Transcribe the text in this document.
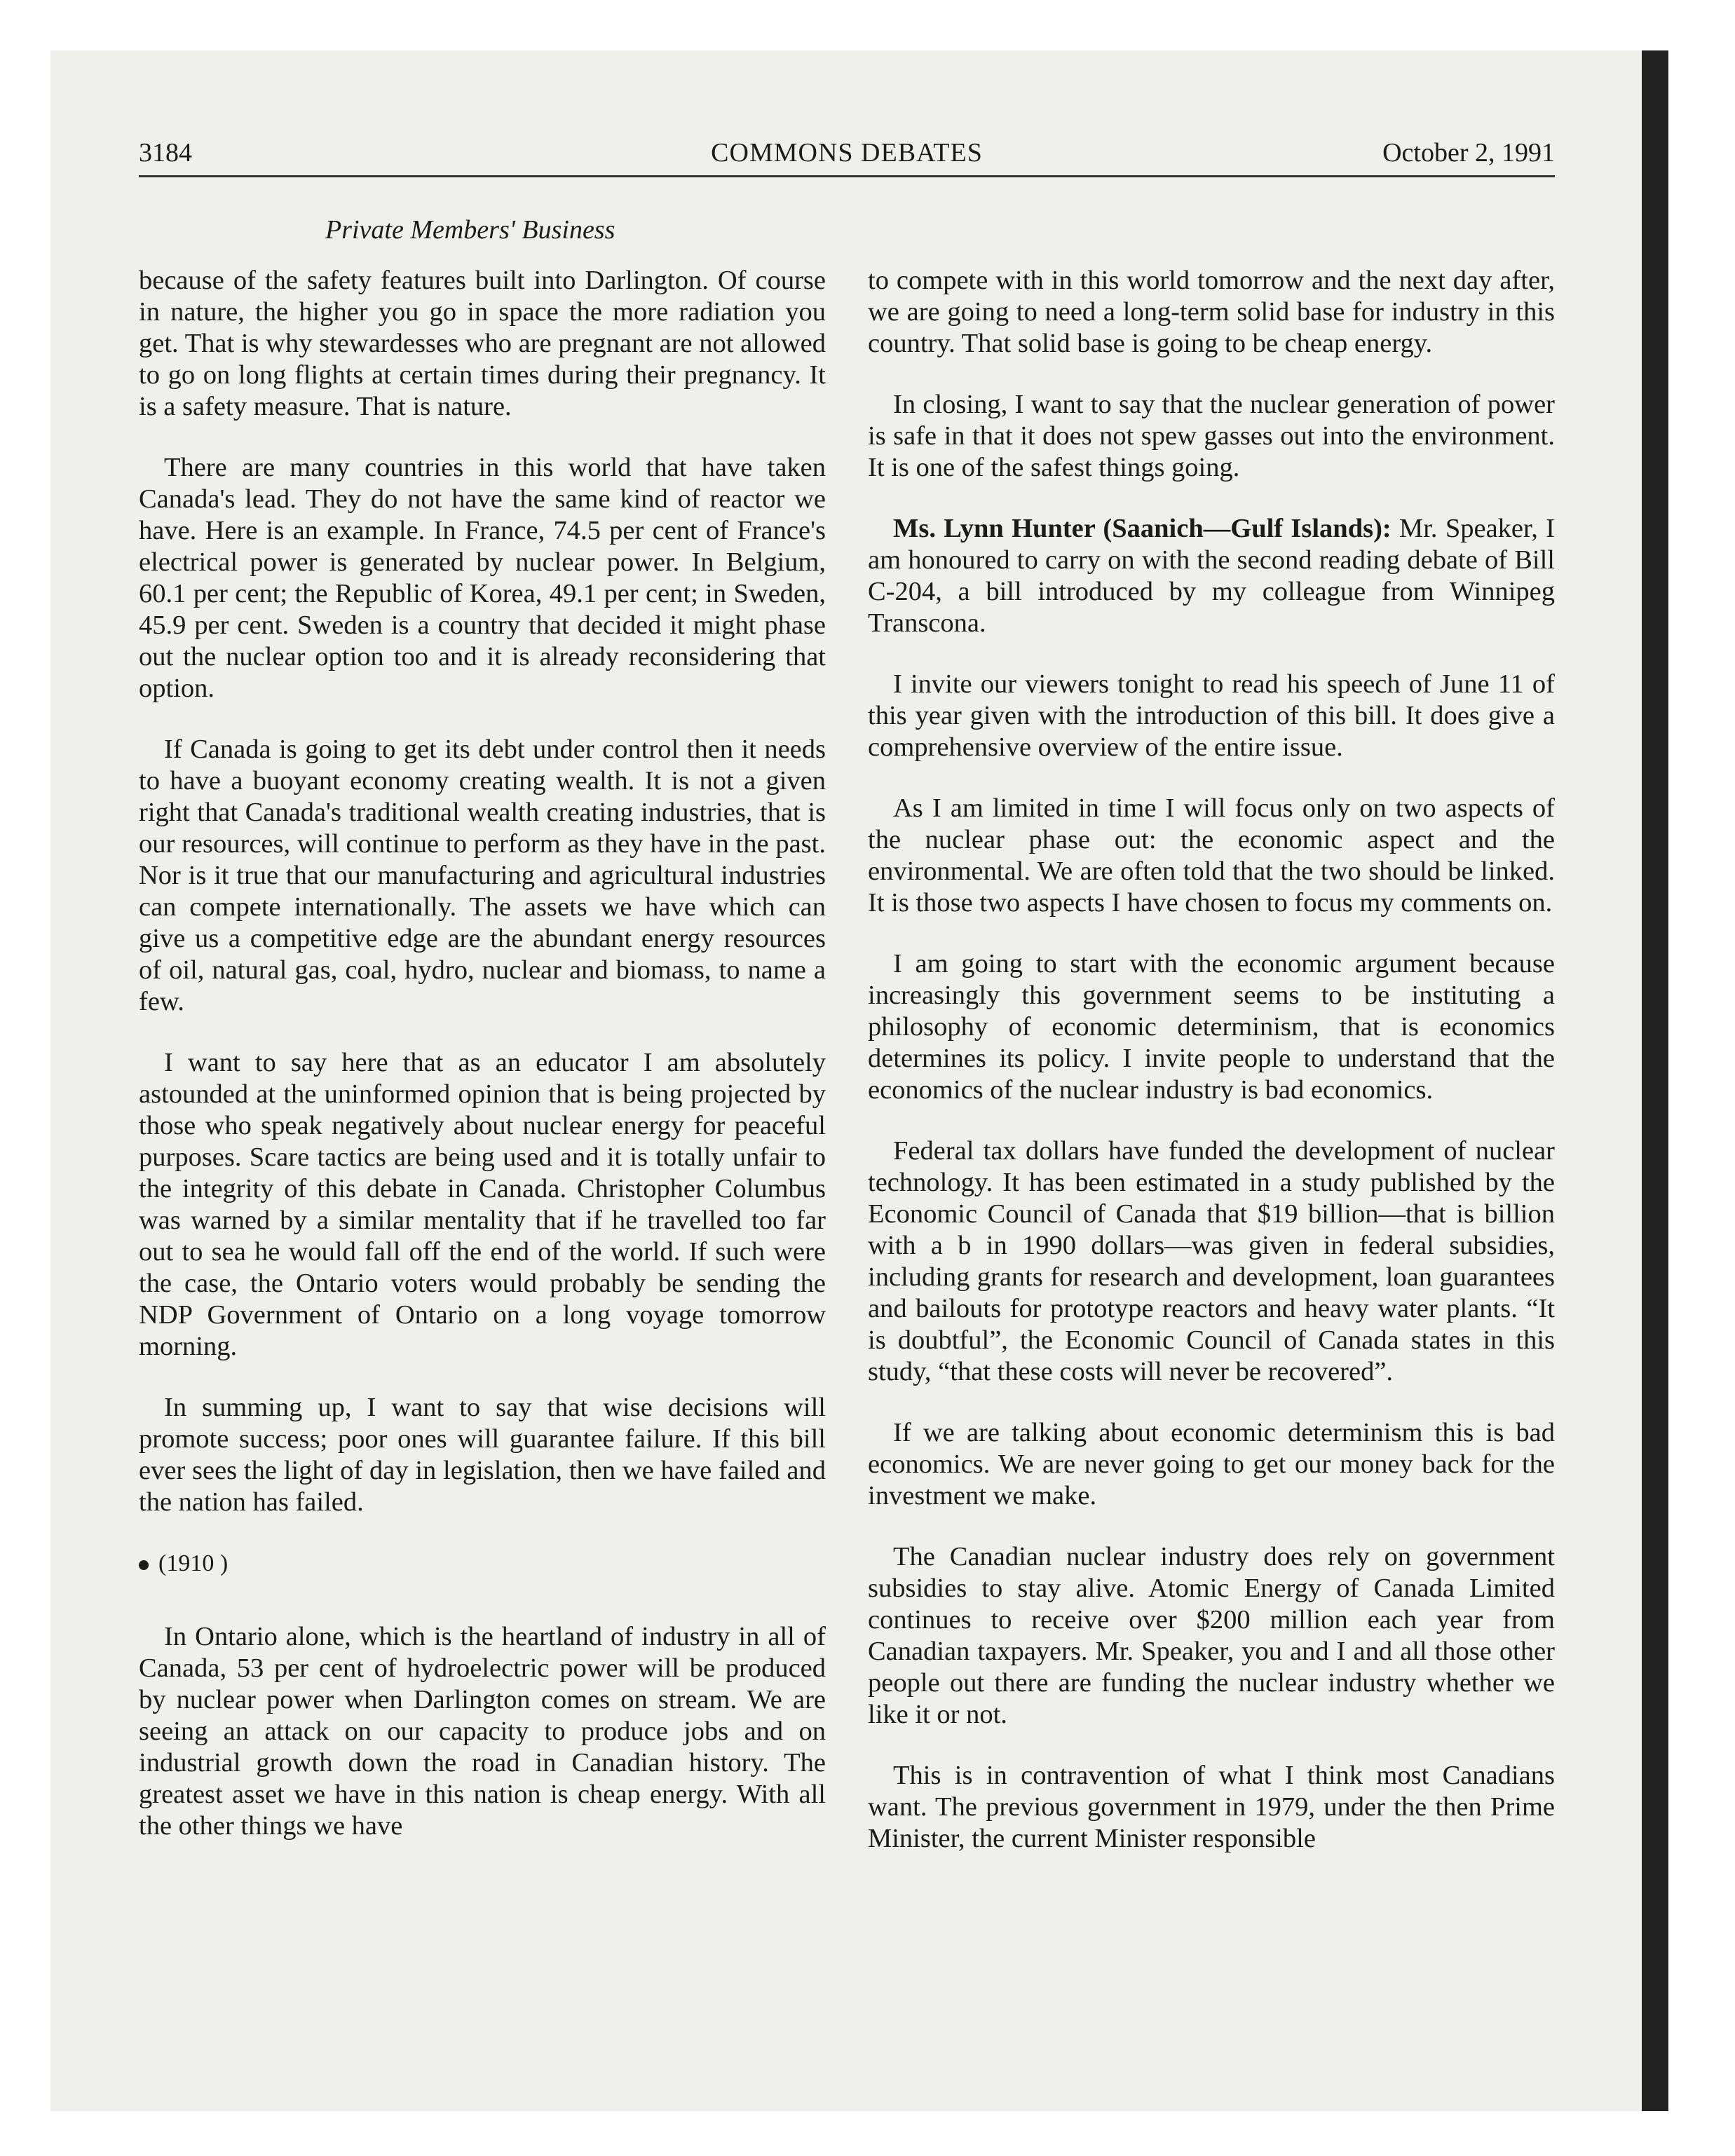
3184	COMMONS DEBATES	October 2, 1991
Private Members' Business

because of the safety features built into Darlington. Of course in nature, the higher you go in space the more radiation you get. That is why stewardesses who are pregnant are not allowed to go on long flights at certain times during their pregnancy. It is a safety measure. That is nature.

There are many countries in this world that have taken Canada's lead. They do not have the same kind of reactor we have. Here is an example. In France, 74.5 per cent of France's electrical power is generated by nuclear power. In Belgium, 60.1 per cent; the Republic of Korea, 49.1 per cent; in Sweden, 45.9 per cent. Sweden is a country that decided it might phase out the nuclear option too and it is already reconsidering that option.

If Canada is going to get its debt under control then it needs to have a buoyant economy creating wealth. It is not a given right that Canada's traditional wealth creating industries, that is our resources, will continue to perform as they have in the past. Nor is it true that our manufacturing and agricultural industries can compete internationally. The assets we have which can give us a competitive edge are the abundant energy resources of oil, natural gas, coal, hydro, nuclear and biomass, to name a few.

I want to say here that as an educator I am absolutely astounded at the uninformed opinion that is being projected by those who speak negatively about nuclear energy for peaceful purposes. Scare tactics are being used and it is totally unfair to the integrity of this debate in Canada. Christopher Columbus was warned by a similar mentality that if he travelled too far out to sea he would fall off the end of the world. If such were the case, the Ontario voters would probably be sending the NDP Government of Ontario on a long voyage tomorrow morning.

In summing up, I want to say that wise decisions will promote success; poor ones will guarantee failure. If this bill ever sees the light of day in legislation, then we have failed and the nation has failed.

(1910 )

In Ontario alone, which is the heartland of industry in all of Canada, 53 per cent of hydroelectric power will be produced by nuclear power when Darlington comes on stream. We are seeing an attack on our capacity to produce jobs and on industrial growth down the road in Canadian history. The greatest asset we have in this nation is cheap energy. With all the other things we have

to compete with in this world tomorrow and the next day after, we are going to need a long-term solid base for industry in this country. That solid base is going to be cheap energy.

In closing, I want to say that the nuclear generation of power is safe in that it does not spew gasses out into the environment. It is one of the safest things going.

Ms. Lynn Hunter (Saanich—Gulf Islands): Mr. Speaker, I am honoured to carry on with the second reading debate of Bill C-204, a bill introduced by my colleague from Winnipeg Transcona.

I invite our viewers tonight to read his speech of June 11 of this year given with the introduction of this bill. It does give a comprehensive overview of the entire issue.

As I am limited in time I will focus only on two aspects of the nuclear phase out: the economic aspect and the environmental. We are often told that the two should be linked. It is those two aspects I have chosen to focus my comments on.

I am going to start with the economic argument because increasingly this government seems to be instituting a philosophy of economic determinism, that is economics determines its policy. I invite people to understand that the economics of the nuclear industry is bad economics.

Federal tax dollars have funded the development of nuclear technology. It has been estimated in a study published by the Economic Council of Canada that $19 billion—that is billion with a b in 1990 dollars—was given in federal subsidies, including grants for research and development, loan guarantees and bailouts for prototype reactors and heavy water plants. “It is doubtful”, the Economic Council of Canada states in this study, “that these costs will never be recovered”.

If we are talking about economic determinism this is bad economics. We are never going to get our money back for the investment we make.

The Canadian nuclear industry does rely on government subsidies to stay alive. Atomic Energy of Canada Limited continues to receive over $200 million each year from Canadian taxpayers. Mr. Speaker, you and I and all those other people out there are funding the nuclear industry whether we like it or not.

This is in contravention of what I think most Canadians want. The previous government in 1979, under the then Prime Minister, the current Minister responsible
